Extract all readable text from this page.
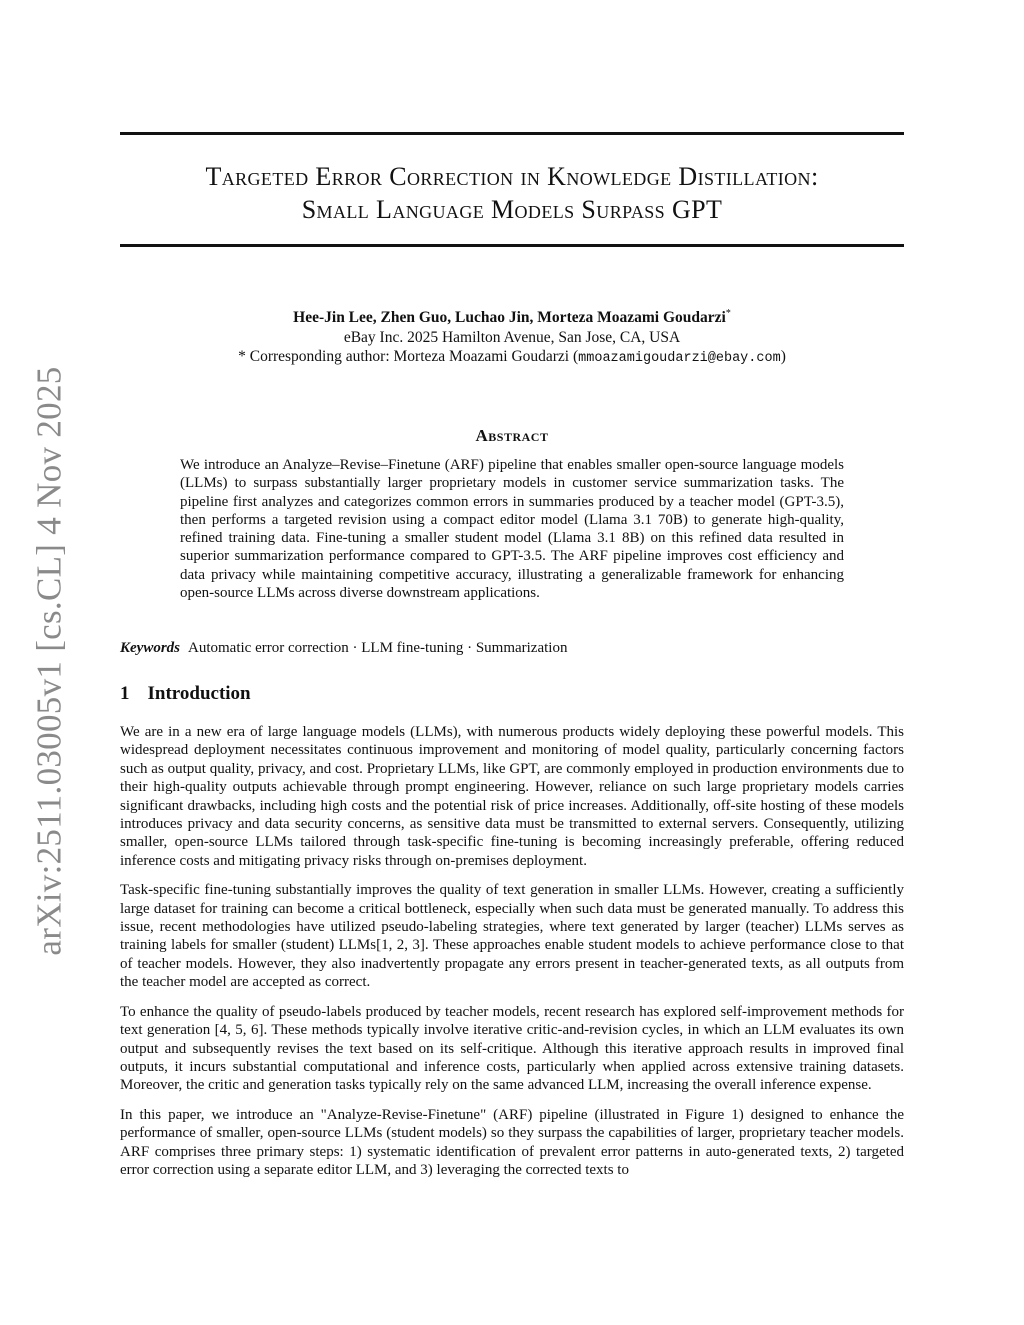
arXiv:2511.03005v1 [cs.CL] 4 Nov 2025
Targeted Error Correction in Knowledge Distillation:
Small Language Models Surpass GPT
Hee-Jin Lee, Zhen Guo, Luchao Jin, Morteza Moazami Goudarzi*
eBay Inc. 2025 Hamilton Avenue, San Jose, CA, USA
* Corresponding author: Morteza Moazami Goudarzi (mmoazamigoudarzi@ebay.com)
Abstract
We introduce an Analyze–Revise–Finetune (ARF) pipeline that enables smaller open-source language models (LLMs) to surpass substantially larger proprietary models in customer service summarization tasks. The pipeline first analyzes and categorizes common errors in summaries produced by a teacher model (GPT-3.5), then performs a targeted revision using a compact editor model (Llama 3.1 70B) to generate high-quality, refined training data. Fine-tuning a smaller student model (Llama 3.1 8B) on this refined data resulted in superior summarization performance compared to GPT-3.5. The ARF pipeline improves cost efficiency and data privacy while maintaining competitive accuracy, illustrating a generalizable framework for enhancing open-source LLMs across diverse downstream applications.
Keywords Automatic error correction · LLM fine-tuning · Summarization
1 Introduction

We are in a new era of large language models (LLMs), with numerous products widely deploying these powerful models. This widespread deployment necessitates continuous improvement and monitoring of model quality, particularly concerning factors such as output quality, privacy, and cost. Proprietary LLMs, like GPT, are commonly employed in production environments due to their high-quality outputs achievable through prompt engineering. However, reliance on such large proprietary models carries significant drawbacks, including high costs and the potential risk of price increases. Additionally, off-site hosting of these models introduces privacy and data security concerns, as sensitive data must be transmitted to external servers. Consequently, utilizing smaller, open-source LLMs tailored through task-specific fine-tuning is becoming increasingly preferable, offering reduced inference costs and mitigating privacy risks through on-premises deployment.

Task-specific fine-tuning substantially improves the quality of text generation in smaller LLMs. However, creating a sufficiently large dataset for training can become a critical bottleneck, especially when such data must be generated manually. To address this issue, recent methodologies have utilized pseudo-labeling strategies, where text generated by larger (teacher) LLMs serves as training labels for smaller (student) LLMs[1, 2, 3]. These approaches enable student models to achieve performance close to that of teacher models. However, they also inadvertently propagate any errors present in teacher-generated texts, as all outputs from the teacher model are accepted as correct.

To enhance the quality of pseudo-labels produced by teacher models, recent research has explored self-improvement methods for text generation [4, 5, 6]. These methods typically involve iterative critic-and-revision cycles, in which an LLM evaluates its own output and subsequently revises the text based on its self-critique. Although this iterative approach results in improved final outputs, it incurs substantial computational and inference costs, particularly when applied across extensive training datasets. Moreover, the critic and generation tasks typically rely on the same advanced LLM, increasing the overall inference expense.

In this paper, we introduce an "Analyze-Revise-Finetune" (ARF) pipeline (illustrated in Figure 1) designed to enhance the performance of smaller, open-source LLMs (student models) so they surpass the capabilities of larger, proprietary teacher models. ARF comprises three primary steps: 1) systematic identification of prevalent error patterns in auto-generated texts, 2) targeted error correction using a separate editor LLM, and 3) leveraging the corrected texts to
